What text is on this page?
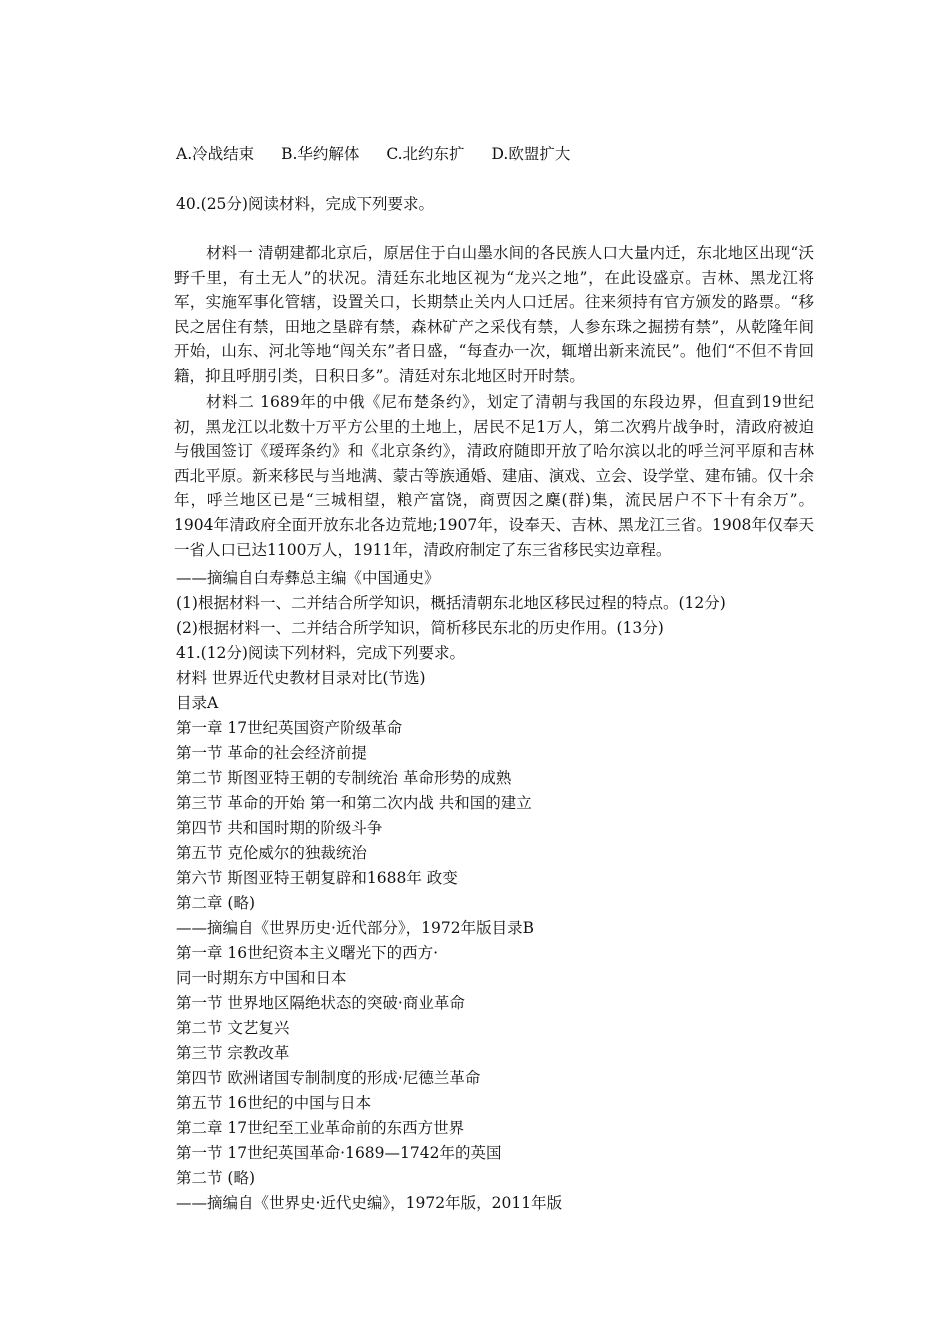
A.冷战结束 B.华约解体 C.北约东扩 D.欧盟扩大
40.(25分)阅读材料，完成下列要求。
材料一 清朝建都北京后，原居住于白山墨水间的各民族人口大量内迁，东北地区出现“沃野千里，有土无人”的状况。清廷东北地区视为“龙兴之地”，在此设盛京。吉林、黑龙江将军，实施军事化管辖，设置关口，长期禁止关内人口迁居。往来须持有官方颁发的路票。“移民之居住有禁，田地之垦辟有禁，森林矿产之采伐有禁，人参东珠之掘捞有禁”，从乾隆年间开始，山东、河北等地“闯关东”者日盛，“每查办一次，辄增出新来流民”。他们“不但不肯回籍，抑且呼朋引类，日积日多”。清廷对东北地区时开时禁。
材料二 1689年的中俄《尼布楚条约》，划定了清朝与我国的东段边界，但直到19世纪初，黑龙江以北数十万平方公里的土地上，居民不足1万人，第二次鸦片战争时，清政府被迫与俄国签订《瑷珲条约》和《北京条约》，清政府随即开放了哈尔滨以北的呼兰河平原和吉林西北平原。新来移民与当地满、蒙古等族通婚、建庙、演戏、立会、设学堂、建布铺。仅十余年，呼兰地区已是“三城相望，粮产富饶，商贾因之麇(群)集，流民居户不下十有余万”。1904年清政府全面开放东北各边荒地;1907年，设奉天、吉林、黑龙江三省。1908年仅奉天一省人口已达1100万人，1911年，清政府制定了东三省移民实边章程。
——摘编自白寿彝总主编《中国通史》
(1)根据材料一、二并结合所学知识，概括清朝东北地区移民过程的特点。(12分)
(2)根据材料一、二并结合所学知识，简析移民东北的历史作用。(13分)
41.(12分)阅读下列材料，完成下列要求。
材料 世界近代史教材目录对比(节选)
目录A
第一章 17世纪英国资产阶级革命
第一节 革命的社会经济前提
第二节 斯图亚特王朝的专制统治 革命形势的成熟
第三节 革命的开始 第一和第二次内战 共和国的建立
第四节 共和国时期的阶级斗争
第五节 克伦威尔的独裁统治
第六节 斯图亚特王朝复辟和1688年 政变
第二章 (略)
——摘编自《世界历史·近代部分》，1972年版目录B
第一章 16世纪资本主义曙光下的西方·
同一时期东方中国和日本
第一节 世界地区隔绝状态的突破·商业革命
第二节 文艺复兴
第三节 宗教改革
第四节 欧洲诸国专制制度的形成·尼德兰革命
第五节 16世纪的中国与日本
第二章 17世纪至工业革命前的东西方世界
第一节 17世纪英国革命·1689—1742年的英国
第二节 (略)
——摘编自《世界史·近代史编》，1972年版，2011年版
